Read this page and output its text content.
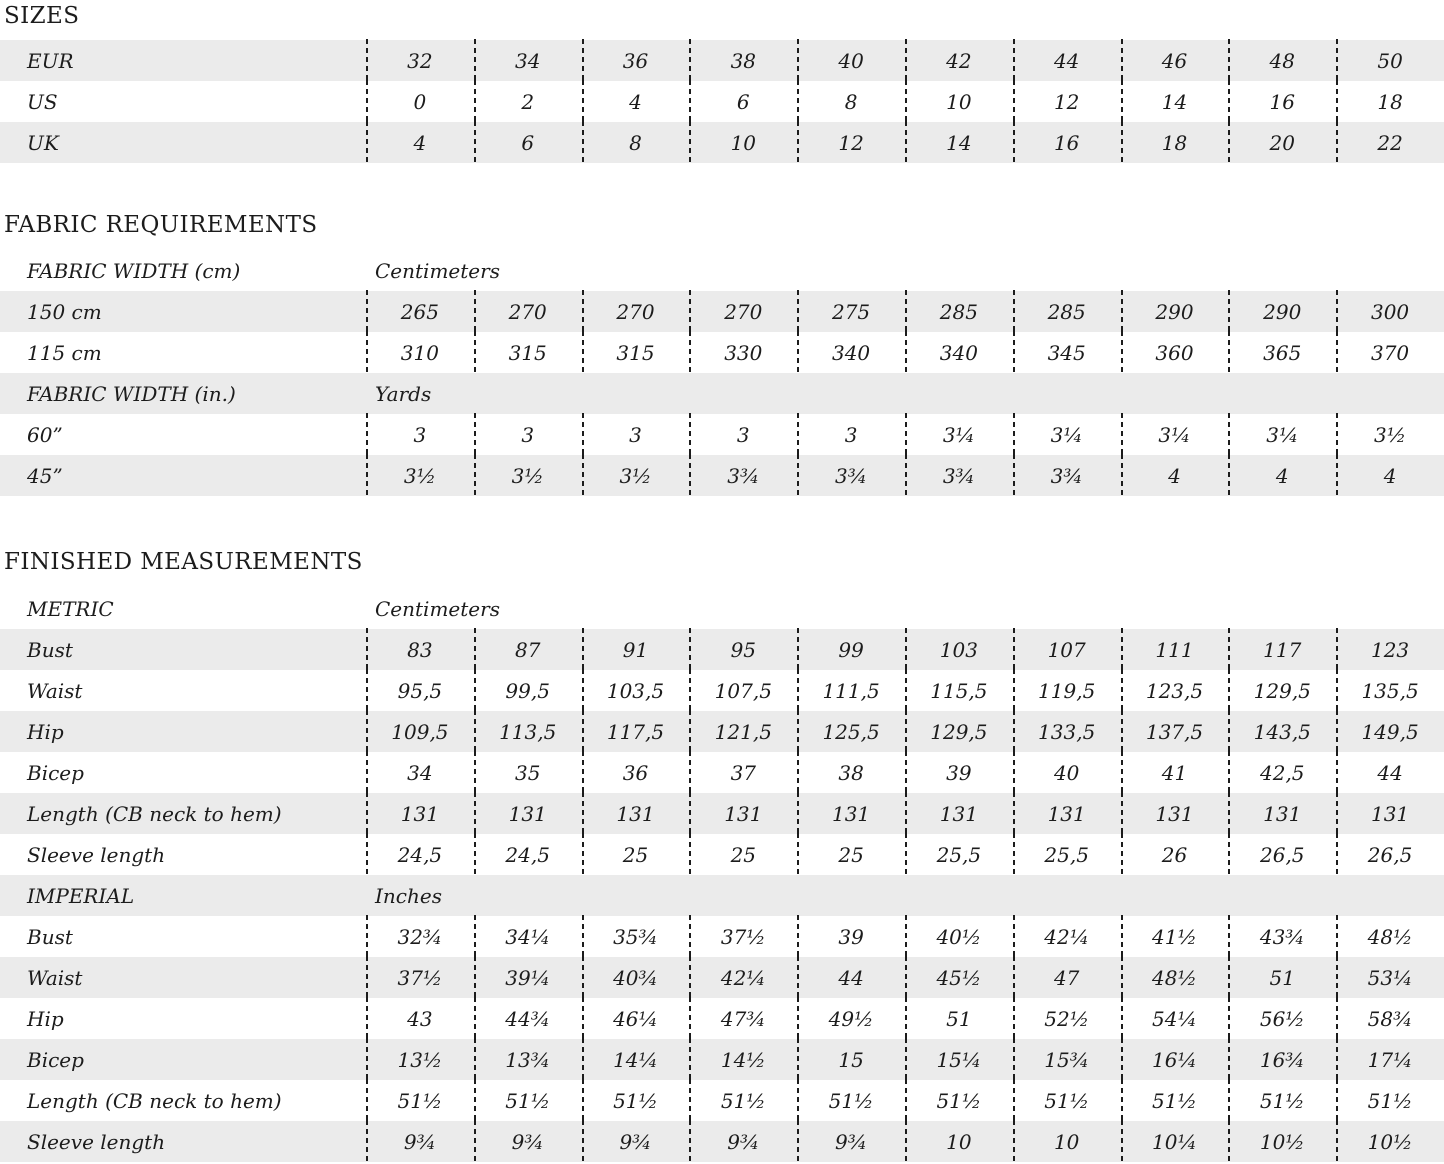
SIZES
EUR	32	34	36	38	40	42	44	46	48	50
US	0	2	4	6	8	10	12	14	16	18
UK	4	6	8	10	12	14	16	18	20	22
FABRIC REQUIREMENTS
FABRIC WIDTH (cm)	Centimeters
150 cm	265	270	270	270	275	285	285	290	290	300
115 cm	310	315	315	330	340	340	345	360	365	370
FABRIC WIDTH (in.)	Yards
60”	3	3	3	3	3	3¼	3¼	3¼	3¼	3½
45”	3½	3½	3½	3¾	3¾	3¾	3¾	4	4	4
FINISHED MEASUREMENTS
METRIC	Centimeters
Bust	83	87	91	95	99	103	107	111	117	123
Waist	95,5	99,5	103,5	107,5	111,5	115,5	119,5	123,5	129,5	135,5
Hip	109,5	113,5	117,5	121,5	125,5	129,5	133,5	137,5	143,5	149,5
Bicep	34	35	36	37	38	39	40	41	42,5	44
Length (CB neck to hem)	131	131	131	131	131	131	131	131	131	131
Sleeve length	24,5	24,5	25	25	25	25,5	25,5	26	26,5	26,5
IMPERIAL	Inches
Bust	32¾	34¼	35¾	37½	39	40½	42¼	41½	43¾	48½
Waist	37½	39¼	40¾	42¼	44	45½	47	48½	51	53¼
Hip	43	44¾	46¼	47¾	49½	51	52½	54¼	56½	58¾
Bicep	13½	13¾	14¼	14½	15	15¼	15¾	16¼	16¾	17¼
Length (CB neck to hem)	51½	51½	51½	51½	51½	51½	51½	51½	51½	51½
Sleeve length	9¾	9¾	9¾	9¾	9¾	10	10	10¼	10½	10½
